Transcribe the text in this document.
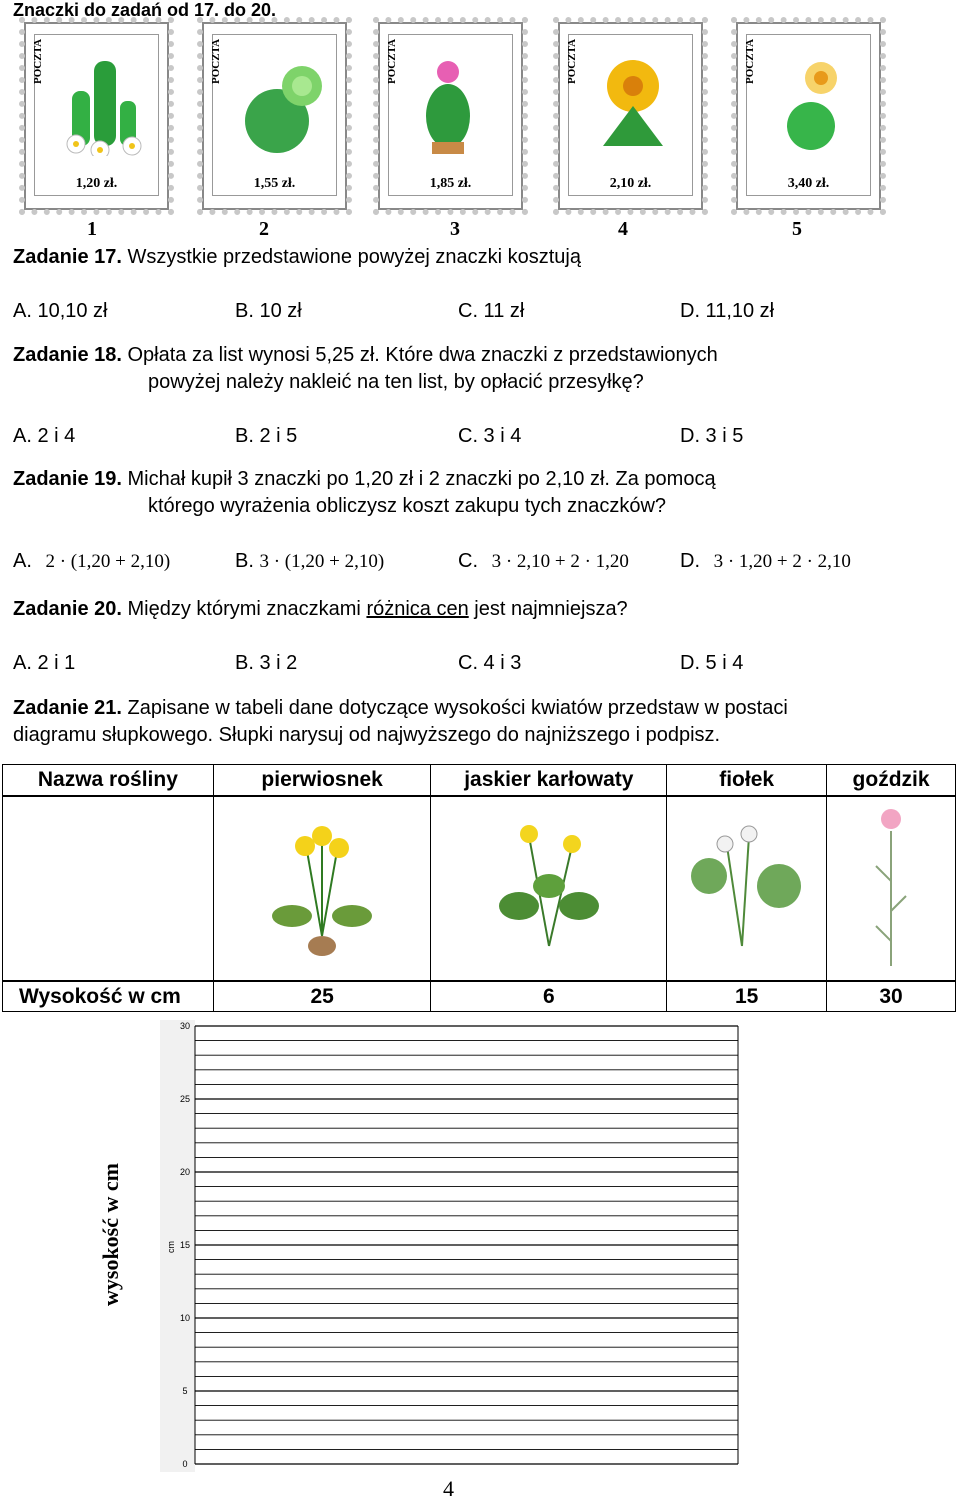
Znaczki do zadań od 17. do 20.
POCZTA
1,20 zł.
POCZTA
1,55 zł.
POCZTA
1,85 zł.
POCZTA
2,10 zł.
POCZTA
3,40 zł.
1	2	3	4	5
Zadanie 17. Wszystkie przedstawione powyżej znaczki kosztują
A. 10,10 zł	B. 10 zł	C. 11 zł	D. 11,10 zł
Zadanie 18. Opłata za list wynosi 5,25 zł. Które dwa znaczki z przedstawionych
powyżej należy nakleić na ten list, by opłacić przesyłkę?
A. 2 i 4	B. 2 i 5	C. 3 i 4	D. 3 i 5
Zadanie 19. Michał kupił 3 znaczki po 1,20 zł i 2 znaczki po 2,10 zł. Za pomocą
którego wyrażenia obliczysz koszt zakupu tych znaczków?
A. 2 · (1,20 + 2,10)	B. 3 · (1,20 + 2,10)	C. 3 · 2,10 + 2 · 1,20	D. 3 · 1,20 + 2 · 2,10
Zadanie 20. Między którymi znaczkami różnica cen jest najmniejsza?
A. 2 i 1	B. 3 i 2	C. 4 i 3	D. 5 i 4
Zadanie 21. Zapisane w tabeli dane dotyczące wysokości kwiatów przedstaw w postaci
diagramu słupkowego. Słupki narysuj od najwyższego do najniższego i podpisz.
Nazwa rośliny	pierwiosnek	jaskier karłowaty	fiołek	goździk

Wysokość w cm	25	6	15	30
wysokość w cm
0
5
10
15
20
25
30
cm
4
